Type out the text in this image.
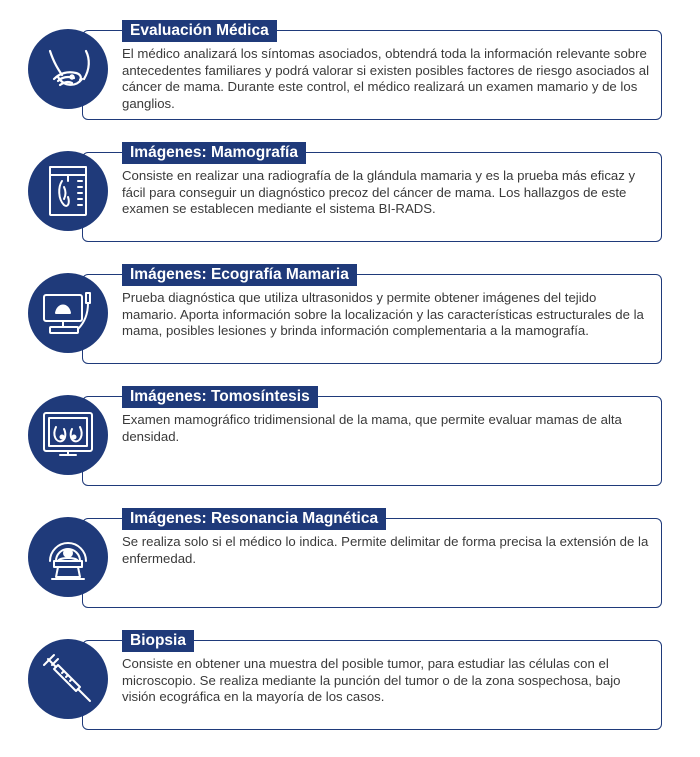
Evaluación Médica
El médico analizará los síntomas asociados, obtendrá toda la información relevante sobre antecedentes familiares y podrá valorar si existen posibles factores de riesgo asociados al cáncer de mama. Durante este control, el médico realizará un examen mamario y de los ganglios.
Imágenes: Mamografía
Consiste en realizar una radiografía de la glándula mamaria y es la prueba más eficaz y fácil para conseguir un diagnóstico precoz del cáncer de mama. Los hallazgos de este examen se establecen mediante el sistema BI-RADS.
Imágenes: Ecografía Mamaria
Prueba diagnóstica que utiliza ultrasonidos y permite obtener imágenes del tejido mamario. Aporta información sobre la localización y las características estructurales de la mama, posibles lesiones y brinda información complementaria a la mamografía.
Imágenes: Tomosíntesis
Examen mamográfico tridimensional de la mama, que permite evaluar mamas de alta densidad.
Imágenes: Resonancia Magnética
Se realiza solo si el médico lo indica. Permite delimitar de forma precisa la extensión de la enfermedad.
Biopsia
Consiste en obtener una muestra del posible tumor, para estudiar las células con el microscopio. Se realiza mediante la punción del tumor o de la zona sospechosa, bajo visión ecográfica en la mayoría de los casos.
